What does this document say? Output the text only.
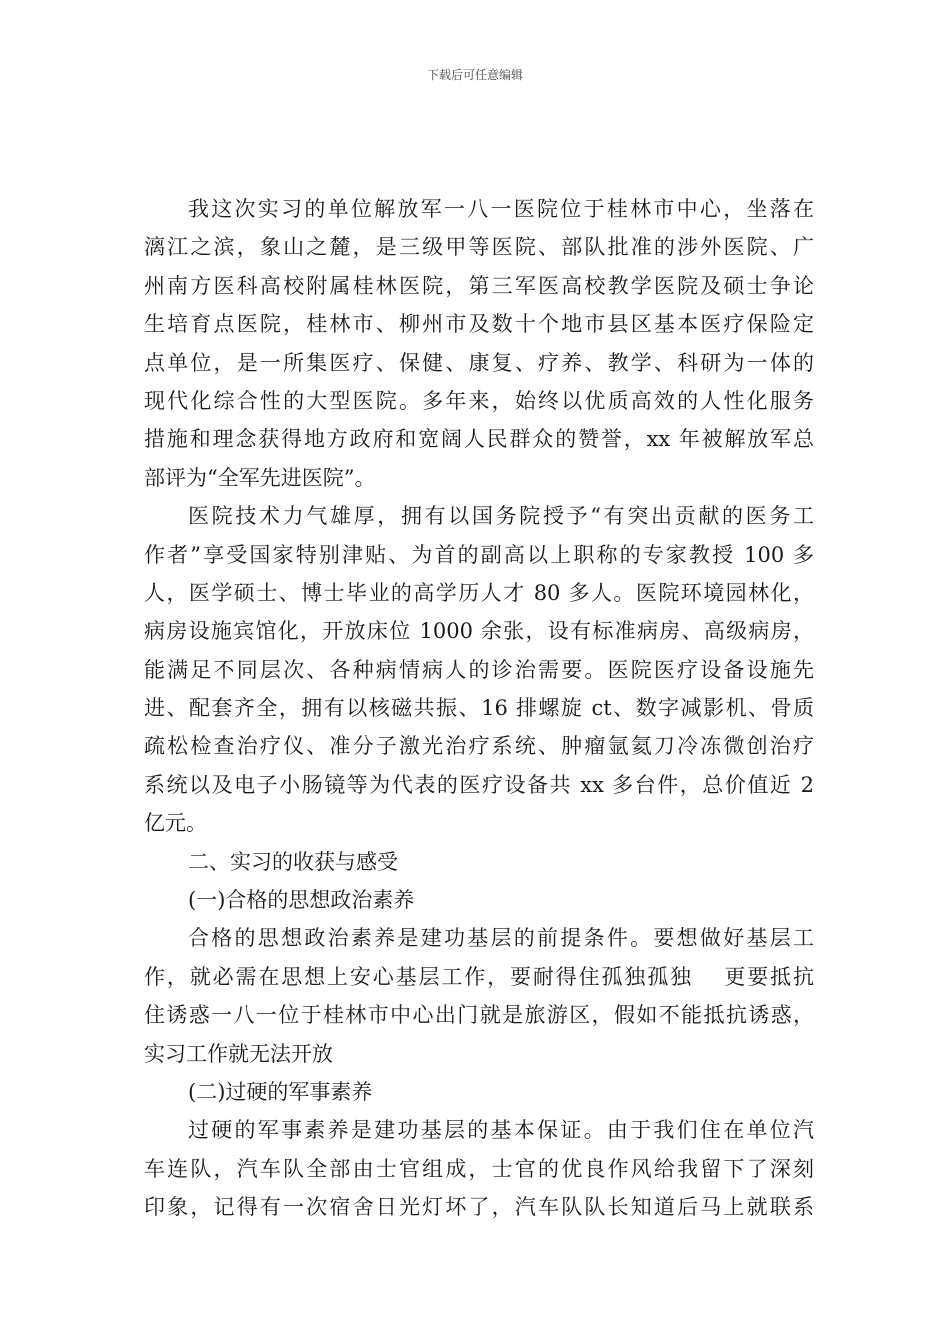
下载后可任意编辑
我这次实习的单位解放军一八一医院位于桂林市中心，坐落在
漓江之滨，象山之麓，是三级甲等医院、部队批准的涉外医院、广
州南方医科高校附属桂林医院，第三军医高校教学医院及硕士争论
生培育点医院，桂林市、柳州市及数十个地市县区基本医疗保险定
点单位，是一所集医疗、保健、康复、疗养、教学、科研为一体的
现代化综合性的大型医院。多年来，始终以优质高效的人性化服务
措施和理念获得地方政府和宽阔人民群众的赞誉，xx 年被解放军总
部评为“全军先进医院”。
医院技术力气雄厚，拥有以国务院授予“有突出贡献的医务工
作者”享受国家特别津贴、为首的副高以上职称的专家教授 100 多
人，医学硕士、博士毕业的高学历人才 80 多人。医院环境园林化，
病房设施宾馆化，开放床位 1000 余张，设有标准病房、高级病房，
能满足不同层次、各种病情病人的诊治需要。医院医疗设备设施先
进、配套齐全，拥有以核磁共振、16 排螺旋 ct、数字减影机、骨质
疏松检查治疗仪、准分子激光治疗系统、肿瘤氩氦刀冷冻微创治疗
系统以及电子小肠镜等为代表的医疗设备共 xx 多台件，总价值近 2
亿元。
二、实习的收获与感受
(一)合格的思想政治素养
合格的思想政治素养是建功基层的前提条件。要想做好基层工
作，就必需在思想上安心基层工作，要耐得住孤独孤独　 更要抵抗
住诱惑一八一位于桂林市中心出门就是旅游区，假如不能抵抗诱惑，
实习工作就无法开放
(二)过硬的军事素养
过硬的军事素养是建功基层的基本保证。由于我们住在单位汽
车连队，汽车队全部由士官组成，士官的优良作风给我留下了深刻
印象，记得有一次宿舍日光灯坏了，汽车队队长知道后马上就联系
